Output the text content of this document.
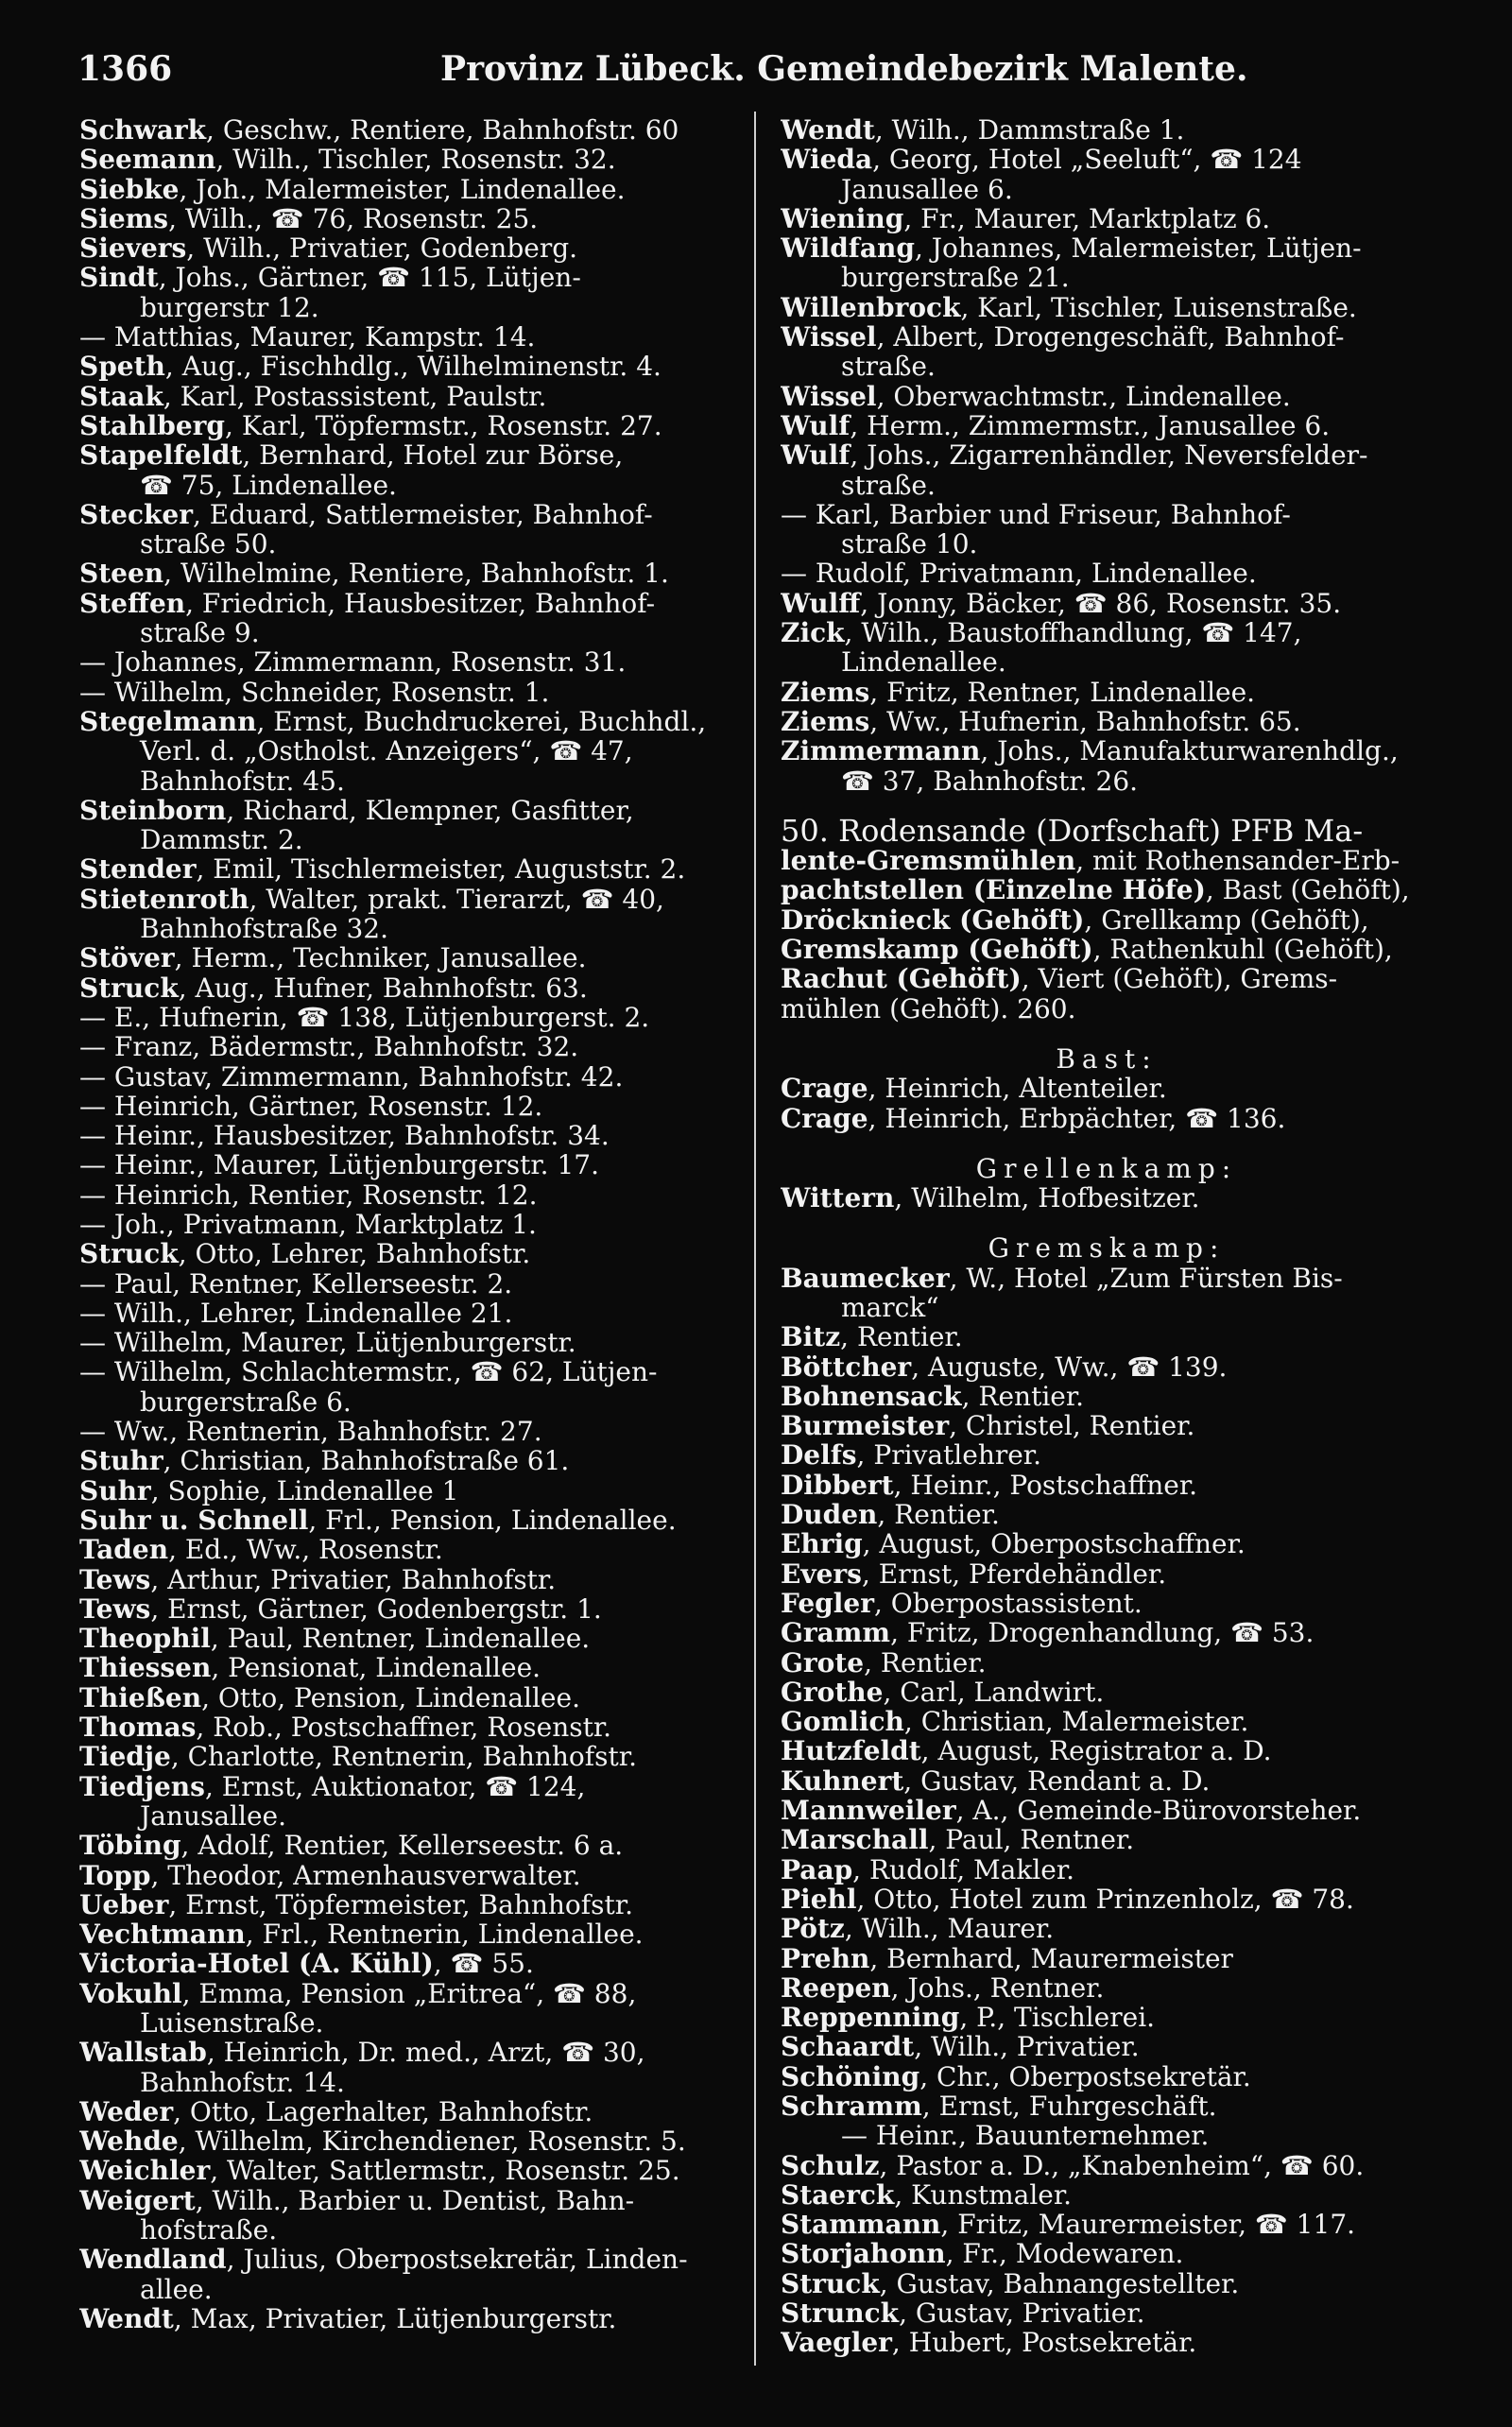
1366	Provinz Lübeck. Gemeindebezirk Malente.
Schwark, Geschw., Rentiere, Bahnhofstr. 60
Seemann, Wilh., Tischler, Rosenstr. 32.
Siebke, Joh., Malermeister, Lindenallee.
Siems, Wilh., ☎ 76, Rosenstr. 25.
Sievers, Wilh., Privatier, Godenberg.
Sindt, Johs., Gärtner, ☎ 115, Lütjen-
burgerstr 12.
— Matthias, Maurer, Kampstr. 14.
Speth, Aug., Fischhdlg., Wilhelminenstr. 4.
Staak, Karl, Postassistent, Paulstr.
Stahlberg, Karl, Töpfermstr., Rosenstr. 27.
Stapelfeldt, Bernhard, Hotel zur Börse,
☎ 75, Lindenallee.
Stecker, Eduard, Sattlermeister, Bahnhof-
straße 50.
Steen, Wilhelmine, Rentiere, Bahnhofstr. 1.
Steffen, Friedrich, Hausbesitzer, Bahnhof-
straße 9.
— Johannes, Zimmermann, Rosenstr. 31.
— Wilhelm, Schneider, Rosenstr. 1.
Stegelmann, Ernst, Buchdruckerei, Buchhdl.,
Verl. d. „Ostholst. Anzeigers“, ☎ 47,
Bahnhofstr. 45.
Steinborn, Richard, Klempner, Gasfitter,
Dammstr. 2.
Stender, Emil, Tischlermeister, Auguststr. 2.
Stietenroth, Walter, prakt. Tierarzt, ☎ 40,
Bahnhofstraße 32.
Stöver, Herm., Techniker, Janusallee.
Struck, Aug., Hufner, Bahnhofstr. 63.
— E., Hufnerin, ☎ 138, Lütjenburgerst. 2.
— Franz, Bädermstr., Bahnhofstr. 32.
— Gustav, Zimmermann, Bahnhofstr. 42.
— Heinrich, Gärtner, Rosenstr. 12.
— Heinr., Hausbesitzer, Bahnhofstr. 34.
— Heinr., Maurer, Lütjenburgerstr. 17.
— Heinrich, Rentier, Rosenstr. 12.
— Joh., Privatmann, Marktplatz 1.
Struck, Otto, Lehrer, Bahnhofstr.
— Paul, Rentner, Kellerseestr. 2.
— Wilh., Lehrer, Lindenallee 21.
— Wilhelm, Maurer, Lütjenburgerstr.
— Wilhelm, Schlachtermstr., ☎ 62, Lütjen-
burgerstraße 6.
— Ww., Rentnerin, Bahnhofstr. 27.
Stuhr, Christian, Bahnhofstraße 61.
Suhr, Sophie, Lindenallee 1
Suhr u. Schnell, Frl., Pension, Lindenallee.
Taden, Ed., Ww., Rosenstr.
Tews, Arthur, Privatier, Bahnhofstr.
Tews, Ernst, Gärtner, Godenbergstr. 1.
Theophil, Paul, Rentner, Lindenallee.
Thiessen, Pensionat, Lindenallee.
Thießen, Otto, Pension, Lindenallee.
Thomas, Rob., Postschaffner, Rosenstr.
Tiedje, Charlotte, Rentnerin, Bahnhofstr.
Tiedjens, Ernst, Auktionator, ☎ 124,
Janusallee.
Töbing, Adolf, Rentier, Kellerseestr. 6 a.
Topp, Theodor, Armenhausverwalter.
Ueber, Ernst, Töpfermeister, Bahnhofstr.
Vechtmann, Frl., Rentnerin, Lindenallee.
Victoria-Hotel (A. Kühl), ☎ 55.
Vokuhl, Emma, Pension „Eritrea“, ☎ 88,
Luisenstraße.
Wallstab, Heinrich, Dr. med., Arzt, ☎ 30,
Bahnhofstr. 14.
Weder, Otto, Lagerhalter, Bahnhofstr.
Wehde, Wilhelm, Kirchendiener, Rosenstr. 5.
Weichler, Walter, Sattlermstr., Rosenstr. 25.
Weigert, Wilh., Barbier u. Dentist, Bahn-
hofstraße.
Wendland, Julius, Oberpostsekretär, Linden-
allee.
Wendt, Max, Privatier, Lütjenburgerstr.
Wendt, Wilh., Dammstraße 1.
Wieda, Georg, Hotel „Seeluft“, ☎ 124
Janusallee 6.
Wiening, Fr., Maurer, Marktplatz 6.
Wildfang, Johannes, Malermeister, Lütjen-
burgerstraße 21.
Willenbrock, Karl, Tischler, Luisenstraße.
Wissel, Albert, Drogengeschäft, Bahnhof-
straße.
Wissel, Oberwachtmstr., Lindenallee.
Wulf, Herm., Zimmermstr., Janusallee 6.
Wulf, Johs., Zigarrenhändler, Neversfelder-
straße.
— Karl, Barbier und Friseur, Bahnhof-
straße 10.
— Rudolf, Privatmann, Lindenallee.
Wulff, Jonny, Bäcker, ☎ 86, Rosenstr. 35.
Zick, Wilh., Baustoffhandlung, ☎ 147,
Lindenallee.
Ziems, Fritz, Rentner, Lindenallee.
Ziems, Ww., Hufnerin, Bahnhofstr. 65.
Zimmermann, Johs., Manufakturwarenhdlg.,
☎ 37, Bahnhofstr. 26.
50. Rodensande (Dorfschaft) PFB Ma-
lente-Gremsmühlen, mit Rothensander-Erb-
pachtstellen (Einzelne Höfe), Bast (Gehöft),
Dröcknieck (Gehöft), Grellkamp (Gehöft),
Gremskamp (Gehöft), Rathenkuhl (Gehöft),
Rachut (Gehöft), Viert (Gehöft), Grems-
mühlen (Gehöft). 260.
Bast:
Crage, Heinrich, Altenteiler.
Crage, Heinrich, Erbpächter, ☎ 136.
Grellenkamp:
Wittern, Wilhelm, Hofbesitzer.
Gremskamp:
Baumecker, W., Hotel „Zum Fürsten Bis-
marck“
Bitz, Rentier.
Böttcher, Auguste, Ww., ☎ 139.
Bohnensack, Rentier.
Burmeister, Christel, Rentier.
Delfs, Privatlehrer.
Dibbert, Heinr., Postschaffner.
Duden, Rentier.
Ehrig, August, Oberpostschaffner.
Evers, Ernst, Pferdehändler.
Fegler, Oberpostassistent.
Gramm, Fritz, Drogenhandlung, ☎ 53.
Grote, Rentier.
Grothe, Carl, Landwirt.
Gomlich, Christian, Malermeister.
Hutzfeldt, August, Registrator a. D.
Kuhnert, Gustav, Rendant a. D.
Mannweiler, A., Gemeinde-Bürovorsteher.
Marschall, Paul, Rentner.
Paap, Rudolf, Makler.
Piehl, Otto, Hotel zum Prinzenholz, ☎ 78.
Pötz, Wilh., Maurer.
Prehn, Bernhard, Maurermeister
Reepen, Johs., Rentner.
Reppenning, P., Tischlerei.
Schaardt, Wilh., Privatier.
Schöning, Chr., Oberpostsekretär.
Schramm, Ernst, Fuhrgeschäft.
— Heinr., Bauunternehmer.
Schulz, Pastor a. D., „Knabenheim“, ☎ 60.
Staerck, Kunstmaler.
Stammann, Fritz, Maurermeister, ☎ 117.
Storjahonn, Fr., Modewaren.
Struck, Gustav, Bahnangestellter.
Strunck, Gustav, Privatier.
Vaegler, Hubert, Postsekretär.
